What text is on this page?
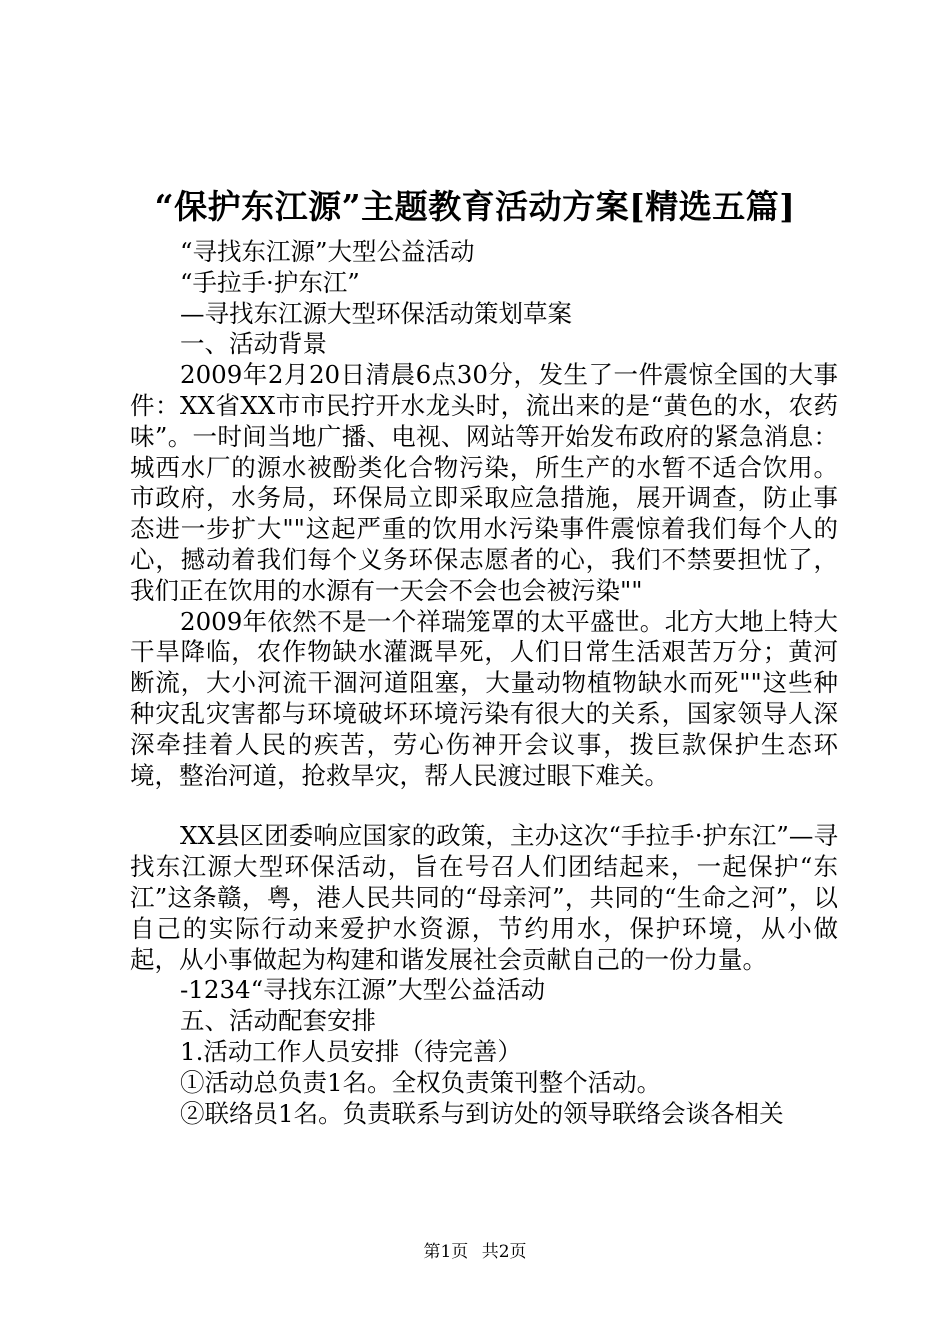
“保护东江源”主题教育活动方案[精选五篇]

“寻找东江源”大型公益活动

“手拉手·护东江”

—寻找东江源大型环保活动策划草案

一、活动背景

2009年2月20日清晨6点30分，发生了一件震惊全国的大事件：XX省XX市市民拧开水龙头时，流出来的是“黄色的水，农药味”。一时间当地广播、电视、网站等开始发布政府的紧急消息：城西水厂的源水被酚类化合物污染，所生产的水暂不适合饮用。市政府，水务局，环保局立即采取应急措施，展开调查，防止事态进一步扩大""这起严重的饮用水污染事件震惊着我们每个人的心，撼动着我们每个义务环保志愿者的心，我们不禁要担忧了，我们正在饮用的水源有一天会不会也会被污染""

2009年依然不是一个祥瑞笼罩的太平盛世。北方大地上特大干旱降临，农作物缺水灌溉旱死，人们日常生活艰苦万分；黄河断流，大小河流干涸河道阻塞，大量动物植物缺水而死""这些种种灾乱灾害都与环境破坏环境污染有很大的关系，国家领导人深深牵挂着人民的疾苦，劳心伤神开会议事，拨巨款保护生态环境，整治河道，抢救旱灾，帮人民渡过眼下难关。

XX县区团委响应国家的政策，主办这次“手拉手·护东江”—寻找东江源大型环保活动，旨在号召人们团结起来，一起保护“东江”这条赣，粤，港人民共同的“母亲河”，共同的“生命之河”，以自己的实际行动来爱护水资源，节约用水，保护环境，从小做起，从小事做起为构建和谐发展社会贡献自己的一份力量。

-1234“寻找东江源”大型公益活动

五、活动配套安排

1.活动工作人员安排（待完善）

①活动总负责1名。全权负责策刊整个活动。

②联络员1名。负责联系与到访处的领导联络会谈各相关

第1页 共2页
